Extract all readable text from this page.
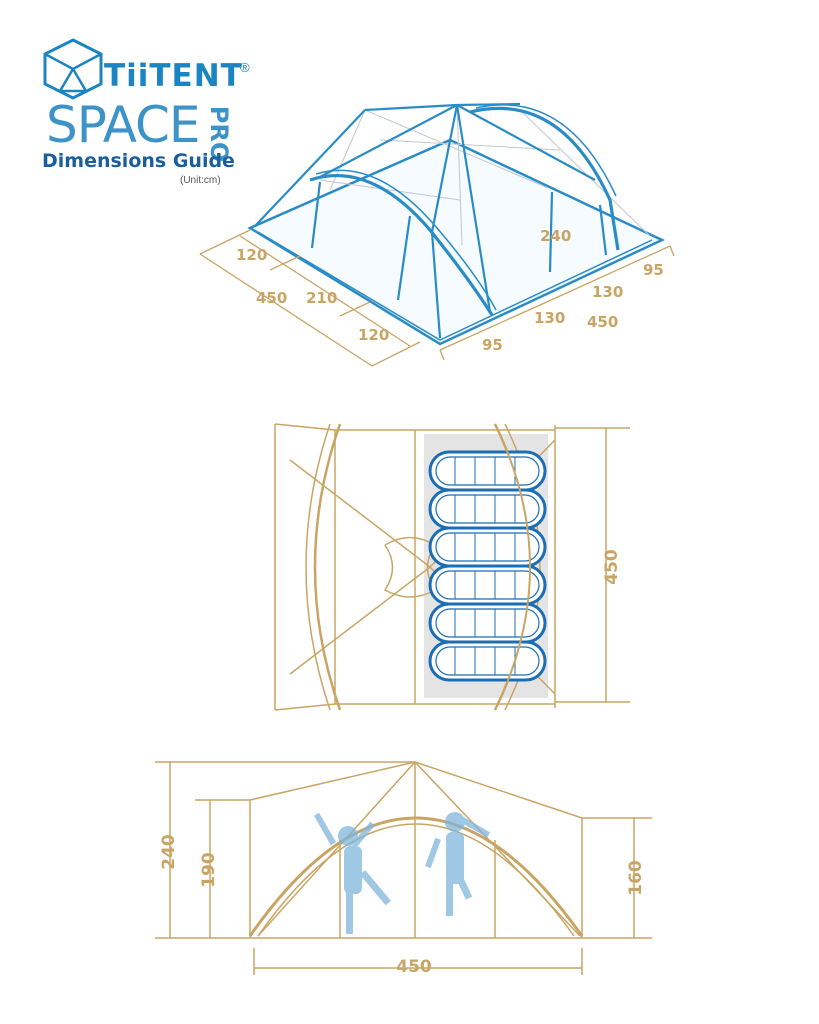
TiiTENT
®
SPACE PRO
Dimensions Guide
(Unit:cm)
120
450 210
120
240
95
130
130 450
95
450
240
190	160
450
